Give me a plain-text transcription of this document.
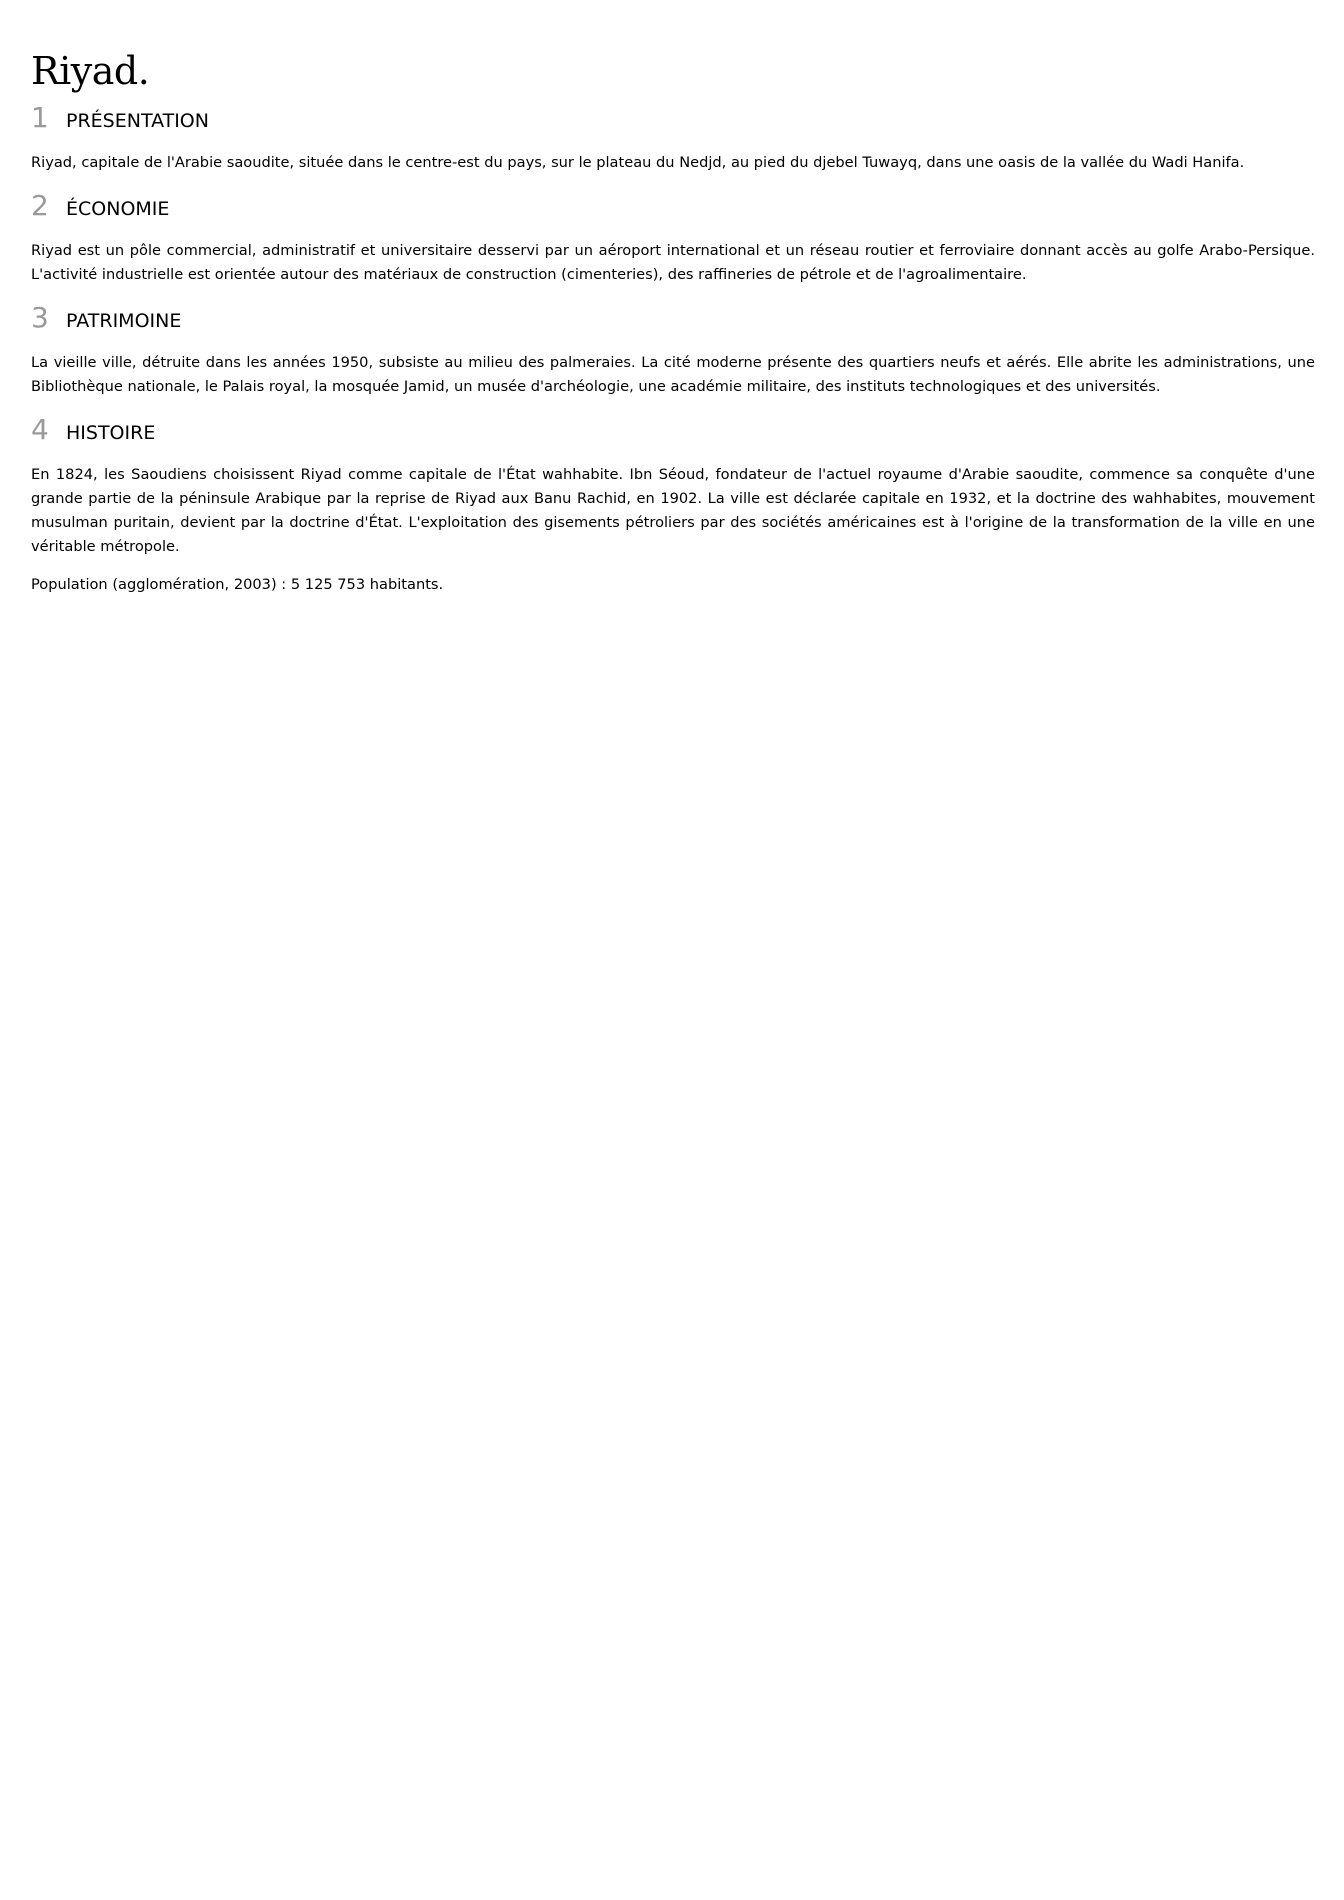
Riyad.
1 PRÉSENTATION

Riyad, capitale de l'Arabie saoudite, située dans le centre-est du pays, sur le plateau du Nedjd, au pied du djebel Tuwayq, dans une oasis de la vallée du Wadi Hanifa.

2 ÉCONOMIE

Riyad est un pôle commercial, administratif et universitaire desservi par un aéroport international et un réseau routier et ferroviaire donnant accès au golfe Arabo-Persique. L'activité industrielle est orientée autour des matériaux de construction (cimenteries), des raffineries de pétrole et de l'agroalimentaire.

3 PATRIMOINE

La vieille ville, détruite dans les années 1950, subsiste au milieu des palmeraies. La cité moderne présente des quartiers neufs et aérés. Elle abrite les administrations, une Bibliothèque nationale, le Palais royal, la mosquée Jamid, un musée d'archéologie, une académie militaire, des instituts technologiques et des universités.

4 HISTOIRE

En 1824, les Saoudiens choisissent Riyad comme capitale de l'État wahhabite. Ibn Séoud, fondateur de l'actuel royaume d'Arabie saoudite, commence sa conquête d'une grande partie de la péninsule Arabique par la reprise de Riyad aux Banu Rachid, en 1902. La ville est déclarée capitale en 1932, et la doctrine des wahhabites, mouvement musulman puritain, devient par la doctrine d'État. L'exploitation des gisements pétroliers par des sociétés américaines est à l'origine de la transformation de la ville en une véritable métropole.

Population (agglomération, 2003) : 5 125 753 habitants.
